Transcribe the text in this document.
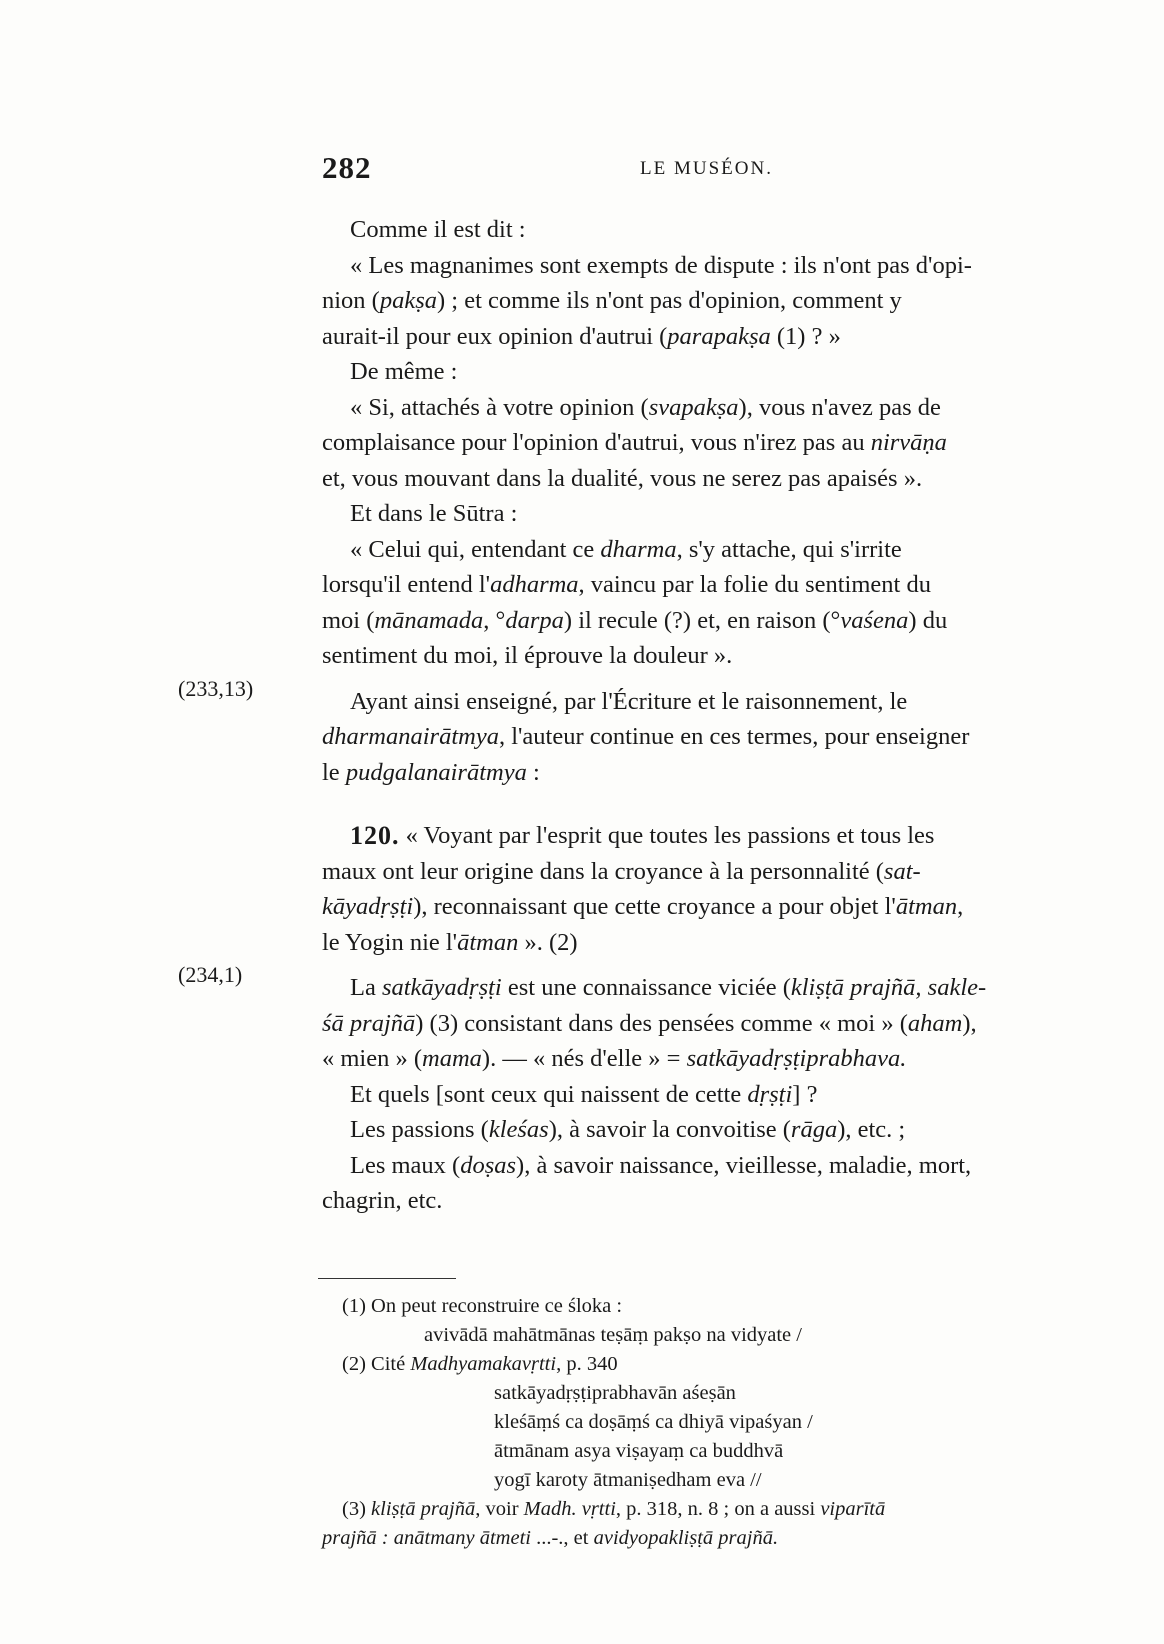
282	LE MUSÉON.
(233,13)
(234,1)
Comme il est dit :
« Les magnanimes sont exempts de dispute : ils n'ont pas d'opi-
nion ( pakṣa ) ; et comme ils n'ont pas d'opinion, comment y
aurait-il pour eux opinion d'autrui ( parapakṣa (1) ? »
De même :
« Si, attachés à votre opinion ( svapakṣa ), vous n'avez pas de
complaisance pour l'opinion d'autrui, vous n'irez pas au nirvāṇa
et, vous mouvant dans la dualité, vous ne serez pas apaisés ».
Et dans le Sūtra :
« Celui qui, entendant ce dharma , s'y attache, qui s'irrite
lorsqu'il entend l' adharma , vaincu par la folie du sentiment du
moi ( mānamada , ° darpa ) il recule (?) et, en raison (° vaśena ) du
sentiment du moi, il éprouve la douleur ».
Ayant ainsi enseigné, par l'Écriture et le raisonnement, le
dharmanairātmya , l'auteur continue en ces termes, pour enseigner
le pudgalanairātmya :
120. « Voyant par l'esprit que toutes les passions et tous les
maux ont leur origine dans la croyance à la personnalité ( sat-
kāyadṛṣṭi ), reconnaissant que cette croyance a pour objet l' ātman ,
le Yogin nie l' ātman ». (2)
La satkāyadṛṣṭi est une connaissance viciée ( kliṣṭā prajñā, sakle-
śā prajñā ) (3) consistant dans des pensées comme « moi » ( aham ),
« mien » ( mama ). — « nés d'elle » = satkāyadṛṣṭiprabhava.
Et quels [sont ceux qui naissent de cette dṛṣṭi ] ?
Les passions ( kleśas ), à savoir la convoitise ( rāga ), etc. ;
Les maux ( doṣas ), à savoir naissance, vieillesse, maladie, mort,
chagrin, etc.
(1) On peut reconstruire ce śloka :
avivādā mahātmānas teṣāṃ pakṣo na vidyate /
(2) Cité Madhyamakavṛtti, p. 340
satkāyadṛṣṭiprabhavān aśeṣān
kleśāṃś ca doṣāṃś ca dhiyā vipaśyan /
ātmānam asya viṣayaṃ ca buddhvā
yogī karoty ātmaniṣedham eva //
(3) kliṣṭā prajñā, voir Madh. vṛtti, p. 318, n. 8 ; on a aussi viparītā
prajñā : anātmany ātmeti ...-., et avidyopakliṣṭā prajñā.
